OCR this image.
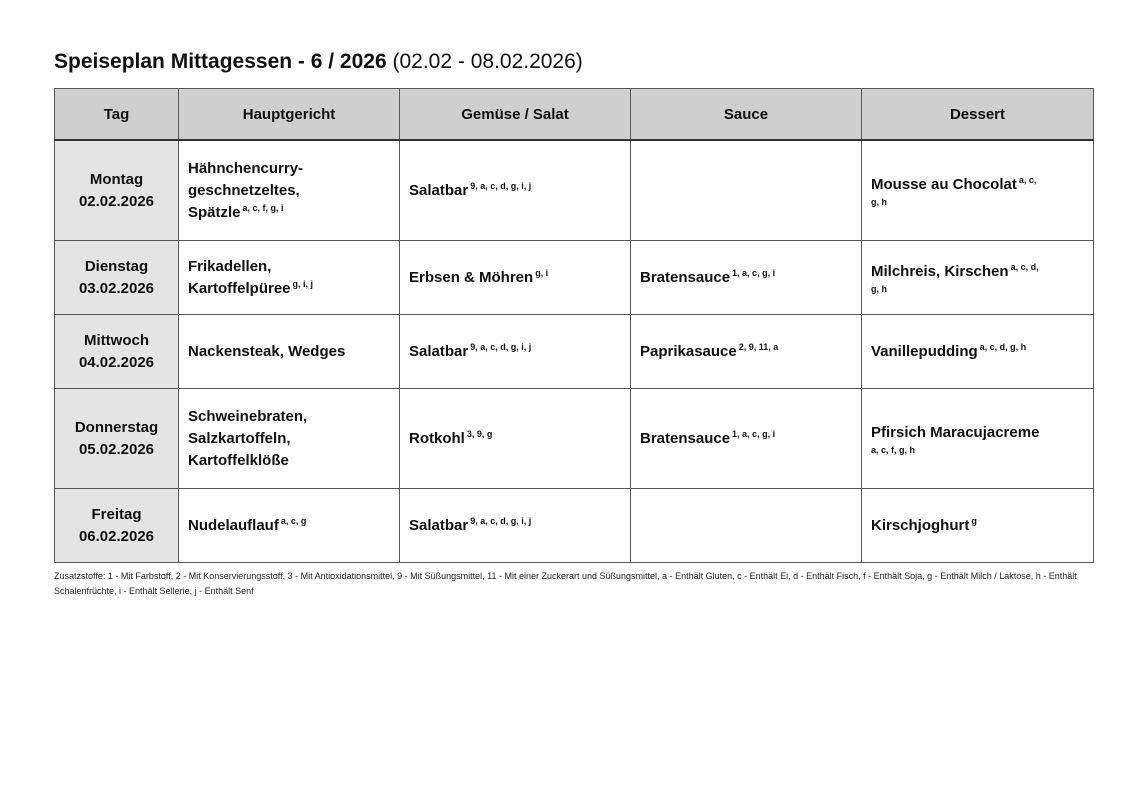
Speiseplan Mittagessen - 6 / 2026 (02.02 - 08.02.2026)
Tag	Hauptgericht	Gemüse / Salat	Sauce	Dessert

Montag
02.02.2026	Hähnchencurry-
geschnetzeltes,
Spätzle $^{a, c, f, g, i}$	Salatbar $^{9, a, c, d, g, i, j}$		Mousse au Chocolat $^{a, c,}$
g, h

Dienstag
03.02.2026	Frikadellen,
Kartoffelpüree $^{g, i, j}$	Erbsen & Möhren $^{g, i}$	Bratensauce $^{1, a, c, g, i}$	Milchreis, Kirschen $^{a, c, d,}$
g, h

Mittwoch
04.02.2026	Nackensteak, Wedges	Salatbar $^{9, a, c, d, g, i, j}$	Paprikasauce $^{2, 9, 11, a}$	Vanillepudding $^{a, c, d, g, h}$

Donnerstag
05.02.2026	Schweinebraten,
Salzkartoffeln,
Kartoffelklöße	Rotkohl $^{3, 9, g}$	Bratensauce $^{1, a, c, g, i}$	Pfirsich Maracujacreme
a, c, f, g, h

Freitag
06.02.2026	Nudelauflauf $^{a, c, g}$	Salatbar $^{9, a, c, d, g, i, j}$		Kirschjoghurt $^g$
Zusatzstoffe: 1 - Mit Farbstoff, 2 - Mit Konservierungsstoff, 3 - Mit Antioxidationsmittel, 9 - Mit Süßungsmittel, 11 - Mit einer Zuckerart und Süßungsmittel, a - Enthält Gluten, c - Enthält Ei, d - Enthält Fisch, f - Enthält Soja, g - Enthält Milch / Laktose, h - Enthält Schalenfrüchte, i - Enthält Sellerie, j - Enthält Senf
